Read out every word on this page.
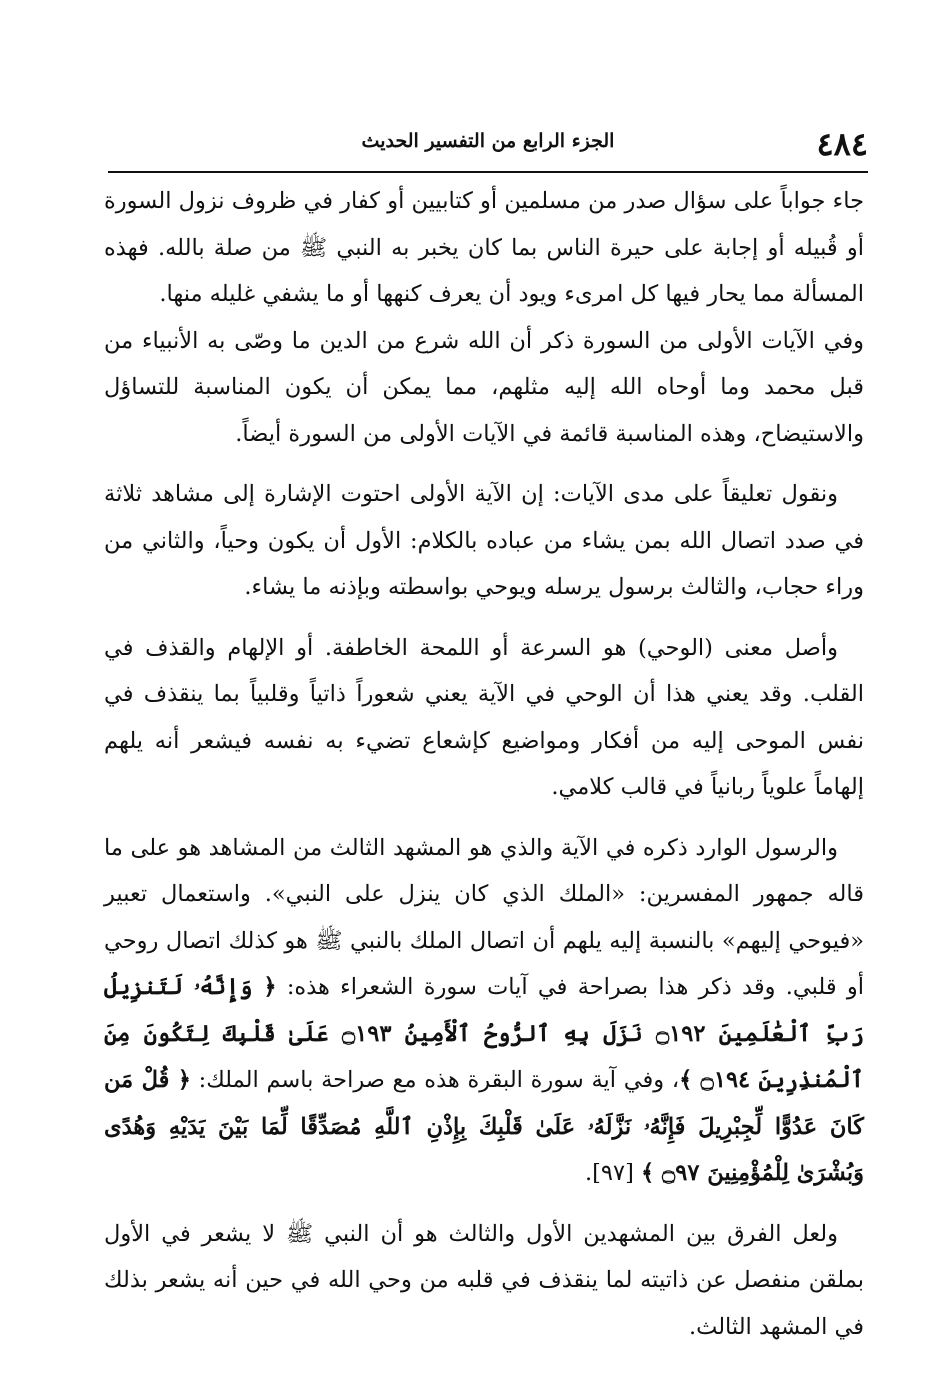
٤٨٤
الجزء الرابع من التفسير الحديث

جاء جواباً على سؤال صدر من مسلمين أو كتابيين أو كفار في ظروف نزول السورة أو قُبيله أو إجابة على حيرة الناس بما كان يخبر به النبي ﷺ من صلة بالله. فهذه المسألة مما يحار فيها كل امرىء ويود أن يعرف كنهها أو ما يشفي غليله منها.

وفي الآيات الأولى من السورة ذكر أن الله شرع من الدين ما وصّى به الأنبياء من قبل محمد وما أوحاه الله إليه مثلهم، مما يمكن أن يكون المناسبة للتساؤل والاستيضاح، وهذه المناسبة قائمة في الآيات الأولى من السورة أيضاً.

ونقول تعليقاً على مدى الآيات: إن الآية الأولى احتوت الإشارة إلى مشاهد ثلاثة في صدد اتصال الله بمن يشاء من عباده بالكلام: الأول أن يكون وحياً، والثاني من وراء حجاب، والثالث برسول يرسله ويوحي بواسطته وبإذنه ما يشاء.

وأصل معنى (الوحي) هو السرعة أو اللمحة الخاطفة. أو الإلهام والقذف في القلب. وقد يعني هذا أن الوحي في الآية يعني شعوراً ذاتياً وقلبياً بما ينقذف في نفس الموحى إليه من أفكار ومواضيع كإشعاع تضيء به نفسه فيشعر أنه يلهم إلهاماً علوياً ربانياً في قالب كلامي.

والرسول الوارد ذكره في الآية والذي هو المشهد الثالث من المشاهد هو على ما قاله جمهور المفسرين: «الملك الذي كان ينزل على النبي». واستعمال تعبير «فيوحي إليهم» بالنسبة إليه يلهم أن اتصال الملك بالنبي ﷺ هو كذلك اتصال روحي أو قلبي. وقد ذكر هذا بصراحة في آيات سورة الشعراء هذه: ﴿ وَإِنَّهُۥ لَتَنزِيلُ رَبِّ ٱلْعَٰلَمِينَ ۝١٩٢ نَزَلَ بِهِ ٱلرُّوحُ ٱلْأَمِينُ ۝١٩٣ عَلَىٰ قَلْبِكَ لِتَكُونَ مِنَ ٱلْمُنذِرِينَ ۝١٩٤ ﴾، وفي آية سورة البقرة هذه مع صراحة باسم الملك: ﴿ قُلْ مَن كَانَ عَدُوًّا لِّجِبْرِيلَ فَإِنَّهُۥ نَزَّلَهُۥ عَلَىٰ قَلْبِكَ بِإِذْنِ ٱللَّهِ مُصَدِّقًا لِّمَا بَيْنَ يَدَيْهِ وَهُدًى وَبُشْرَىٰ لِلْمُؤْمِنِينَ ۝٩٧ ﴾ [٩٧].

ولعل الفرق بين المشهدين الأول والثالث هو أن النبي ﷺ لا يشعر في الأول بملقن منفصل عن ذاتيته لما ينقذف في قلبه من وحي الله في حين أنه يشعر بذلك في المشهد الثالث.
